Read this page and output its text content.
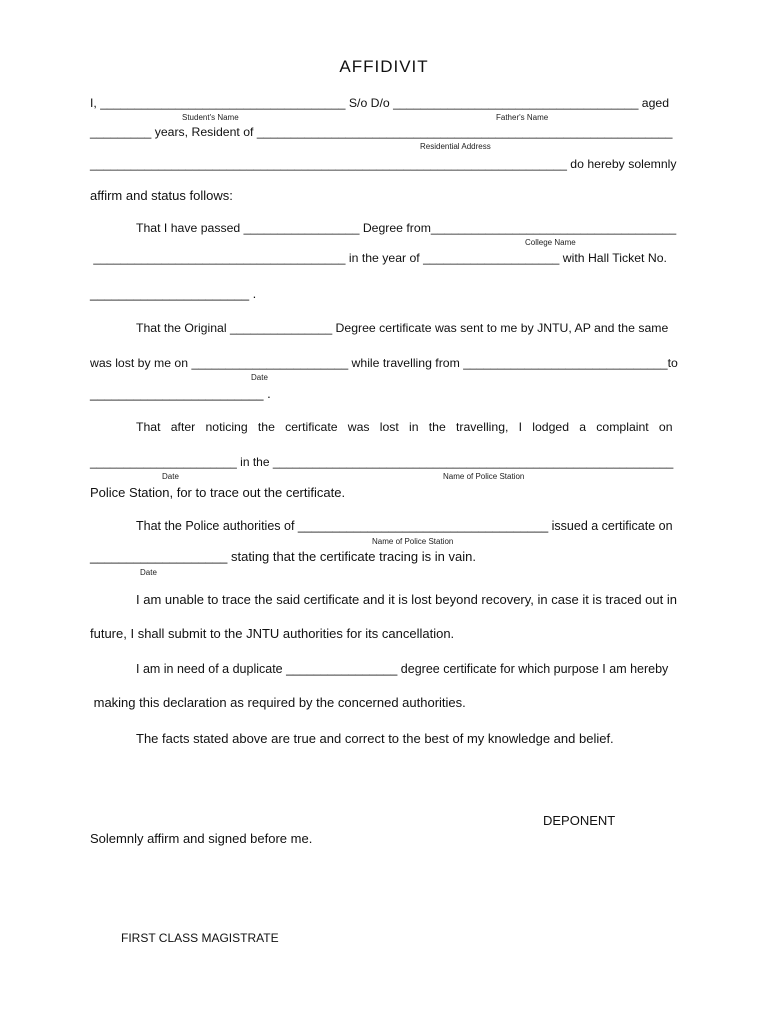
AFFIDIVIT
I, ____________________________________ S/o D/o ____________________________________ aged
Student's Name	Father's Name
_________ years, Resident of _____________________________________________________________
Residential Address
______________________________________________________________________ do hereby solemnly
affirm and status follows:
That I have passed _________________ Degree from____________________________________
College Name
_____________________________________ in the year of ____________________ with Hall Ticket No.
______________________ .
That the Original _______________ Degree certificate was sent to me by JNTU, AP and the same
was lost by me on _______________________ while travelling from ______________________________to
Date
________________________ .
That   after   noticing   the   certificate   was   lost   in   the   travelling,   I   lodged   a   complaint   on
______________________ in the ____________________________________________________________
Date	Name of Police Station
Police Station, for to trace out the certificate.
That the Police authorities of ____________________________________ issued a certificate on
Name of Police Station
___________________ stating that the certificate tracing is in vain.
Date
I am unable to trace the said certificate and it is lost beyond recovery, in case it is traced out in
future, I shall submit to the JNTU authorities for its cancellation.
I am in need of a duplicate ________________ degree certificate for which purpose I am hereby
making this declaration as required by the concerned authorities.
The facts stated above are true and correct to the best of my knowledge and belief.
DEPONENT
Solemnly affirm and signed before me.
FIRST CLASS MAGISTRATE
